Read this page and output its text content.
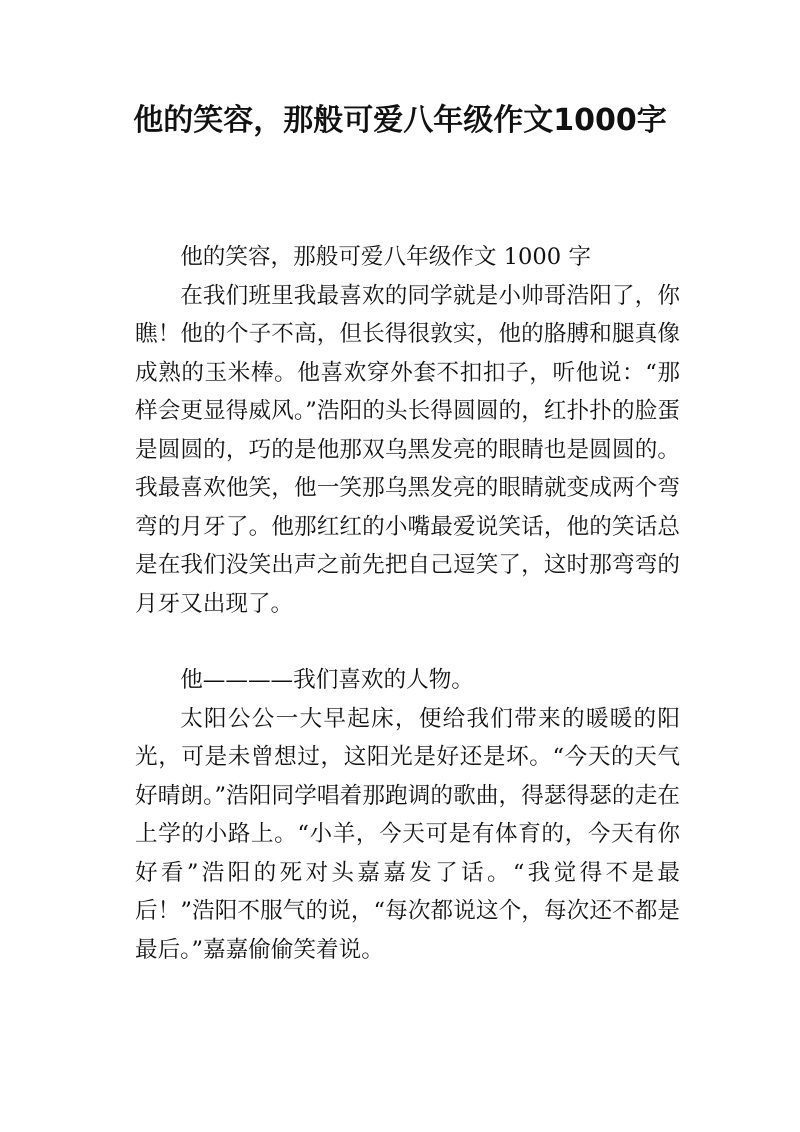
他的笑容，那般可爱八年级作文1000字

他的笑容，那般可爱八年级作文 1000 字

在我们班里我最喜欢的同学就是小帅哥浩阳了，你瞧！他的个子不高，但长得很敦实，他的胳膊和腿真像成熟的玉米棒。他喜欢穿外套不扣扣子，听他说：“那样会更显得威风。”浩阳的头长得圆圆的，红扑扑的脸蛋是圆圆的，巧的是他那双乌黑发亮的眼睛也是圆圆的。我最喜欢他笑，他一笑那乌黑发亮的眼睛就变成两个弯弯的月牙了。他那红红的小嘴最爱说笑话，他的笑话总是在我们没笑出声之前先把自己逗笑了，这时那弯弯的月牙又出现了。

他————我们喜欢的人物。

太阳公公一大早起床，便给我们带来的暖暖的阳光，可是未曾想过，这阳光是好还是坏。“今天的天气好晴朗。”浩阳同学唱着那跑调的歌曲，得瑟得瑟的走在上学的小路上。“小羊，今天可是有体育的，今天有你好看”浩阳的死对头嘉嘉发了话。“我觉得不是最后！”浩阳不服气的说，“每次都说这个，每次还不都是最后。”嘉嘉偷偷笑着说。
